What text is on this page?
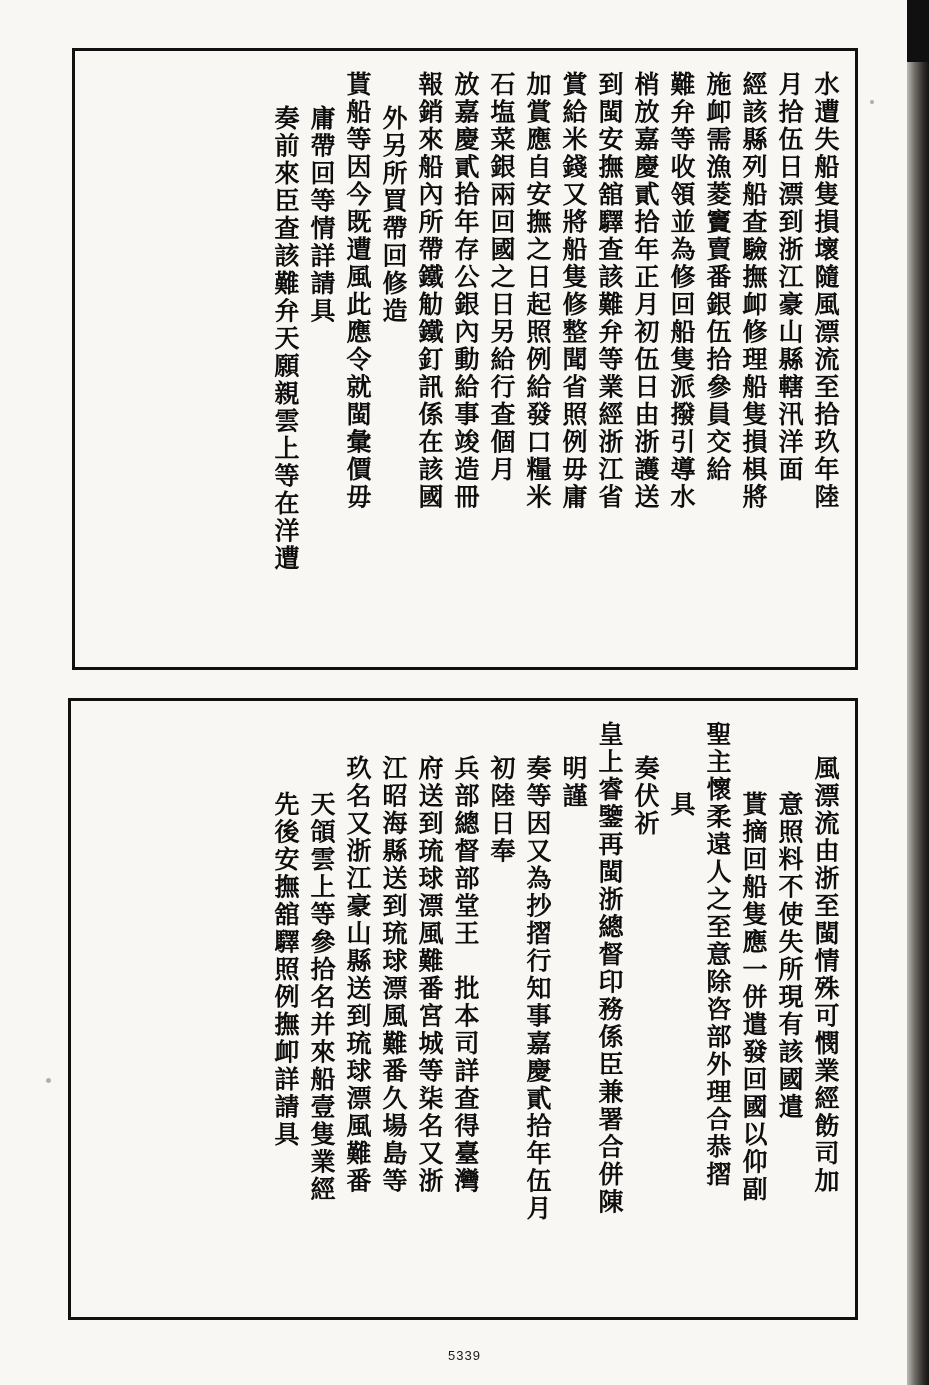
水遭失船隻損壞隨風漂流至拾玖年陸
月拾伍日漂到浙江豪山縣轄汛洋面
經該縣列船查驗撫卹修理船隻損椇將
施卹需漁菱竇賣番銀伍拾參員交給
難弁等收領並為修回船隻派撥引導水
梢放嘉慶貳拾年正月初伍日由浙護送
到閩安撫舘驛查該難弁等業經浙江省
賞給米錢又將船隻修整聞省照例毋庸
加賞應自安撫之日起照例給發口糧米
石塩菜銀兩回國之日另給行查個月
放嘉慶貳拾年存公銀內動給事竣造冊
報銷來船內所帶鐵觔鐵釘訊係在該國
外另所買帶回修造
貰船等因今既遭風此應令就閩彙價毋
庸帶回等情詳請具
奏前來臣查該難弁天願親雲上等在洋遭
風漂流由浙至閩情殊可憫業經飭司加
意照料不使失所現有該國遣
貰摘回船隻應一併遣發回國以仰副
聖主懷柔遠人之至意除咨部外理合恭摺
具
奏伏祈
皇上睿鑒再閩浙總督印務係臣兼署合併陳
明謹
奏等因又為抄摺行知事嘉慶貳拾年伍月
初陸日奉
兵部總督部堂王　批本司詳查得臺灣
府送到琉球漂風難番宮城等柒名又浙
江昭海縣送到琉球漂風難番久場島等
玖名又浙江豪山縣送到琉球漂風難番
天頜雲上等參拾名并來船壹隻業經
先後安撫舘驛照例撫卹詳請具
5339
